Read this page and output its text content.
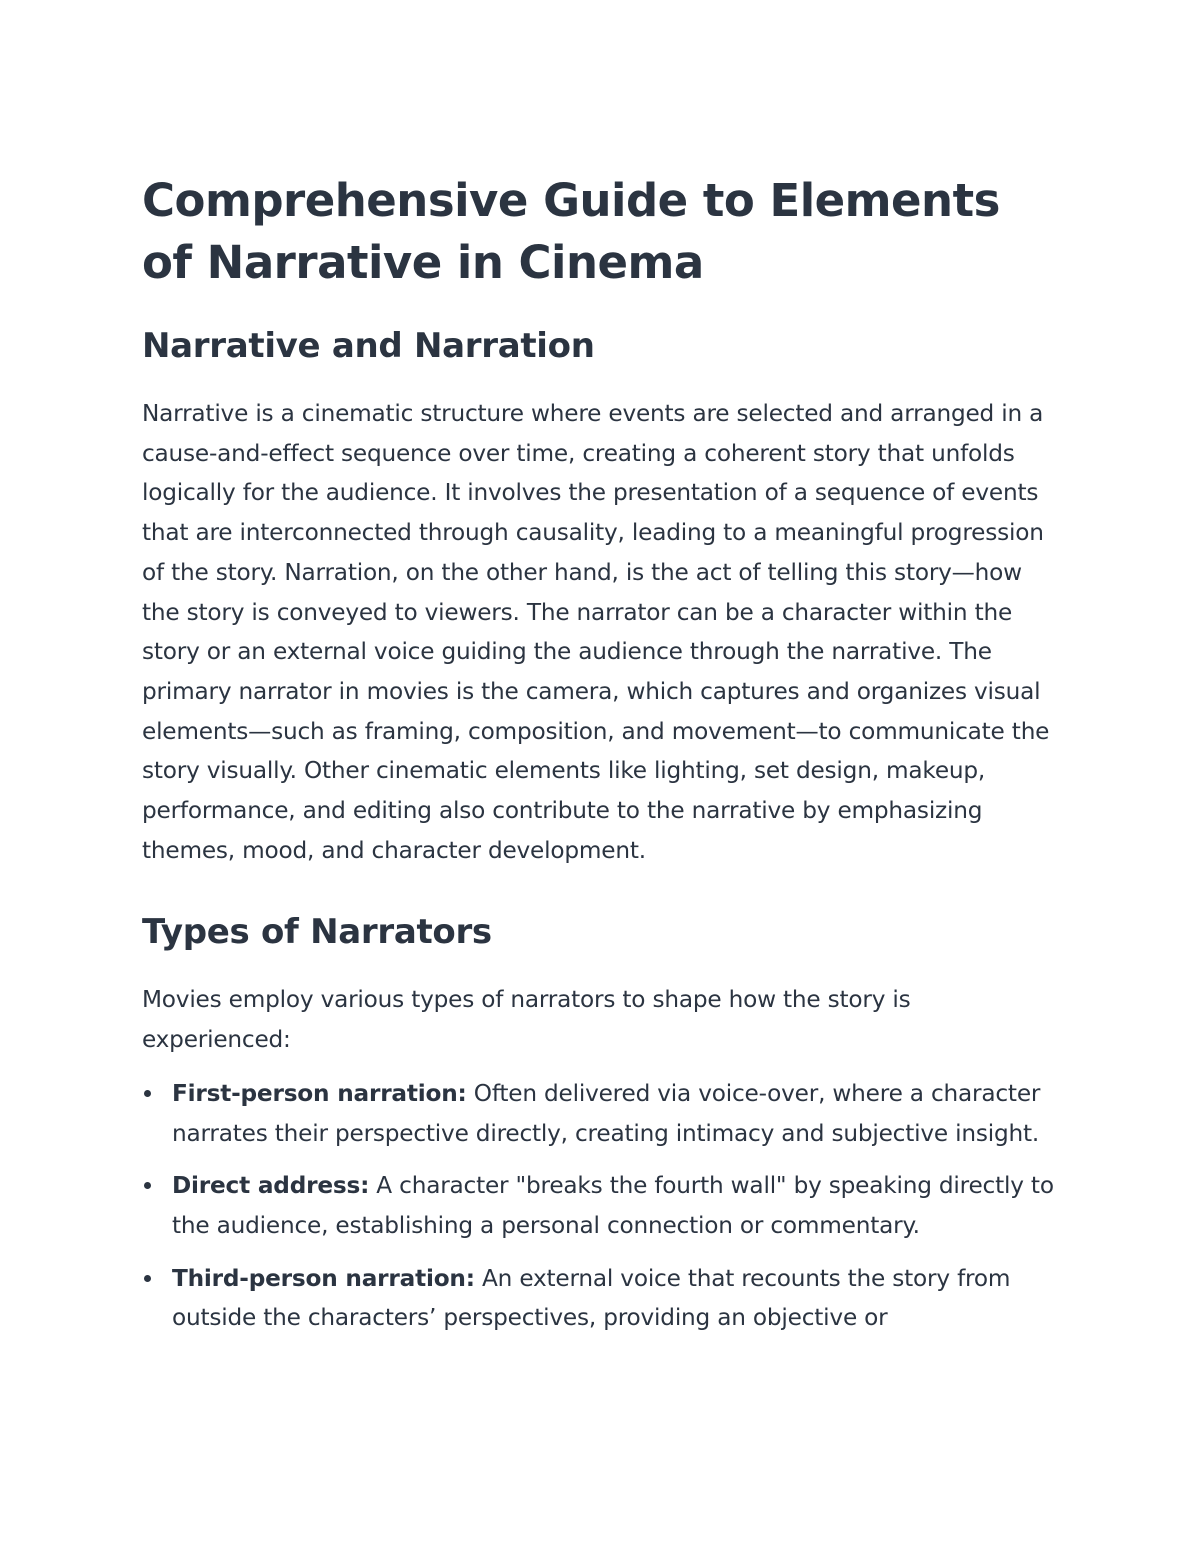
Comprehensive Guide to Elements of Narrative in Cinema
Narrative and Narration

Narrative is a cinematic structure where events are selected and arranged in a cause-and-effect sequence over time, creating a coherent story that unfolds logically for the audience. It involves the presentation of a sequence of events that are interconnected through causality, leading to a meaningful progression of the story. Narration, on the other hand, is the act of telling this story—how the story is conveyed to viewers. The narrator can be a character within the story or an external voice guiding the audience through the narrative. The primary narrator in movies is the camera, which captures and organizes visual elements—such as framing, composition, and movement—to communicate the story visually. Other cinematic elements like lighting, set design, makeup, performance, and editing also contribute to the narrative by emphasizing themes, mood, and character development.

Types of Narrators

Movies employ various types of narrators to shape how the story is experienced:

First-person narration: Often delivered via voice-over, where a character narrates their perspective directly, creating intimacy and subjective insight.
Direct address: A character "breaks the fourth wall" by speaking directly to the audience, establishing a personal connection or commentary.
Third-person narration: An external voice that recounts the story from outside the characters’ perspectives, providing an objective or
